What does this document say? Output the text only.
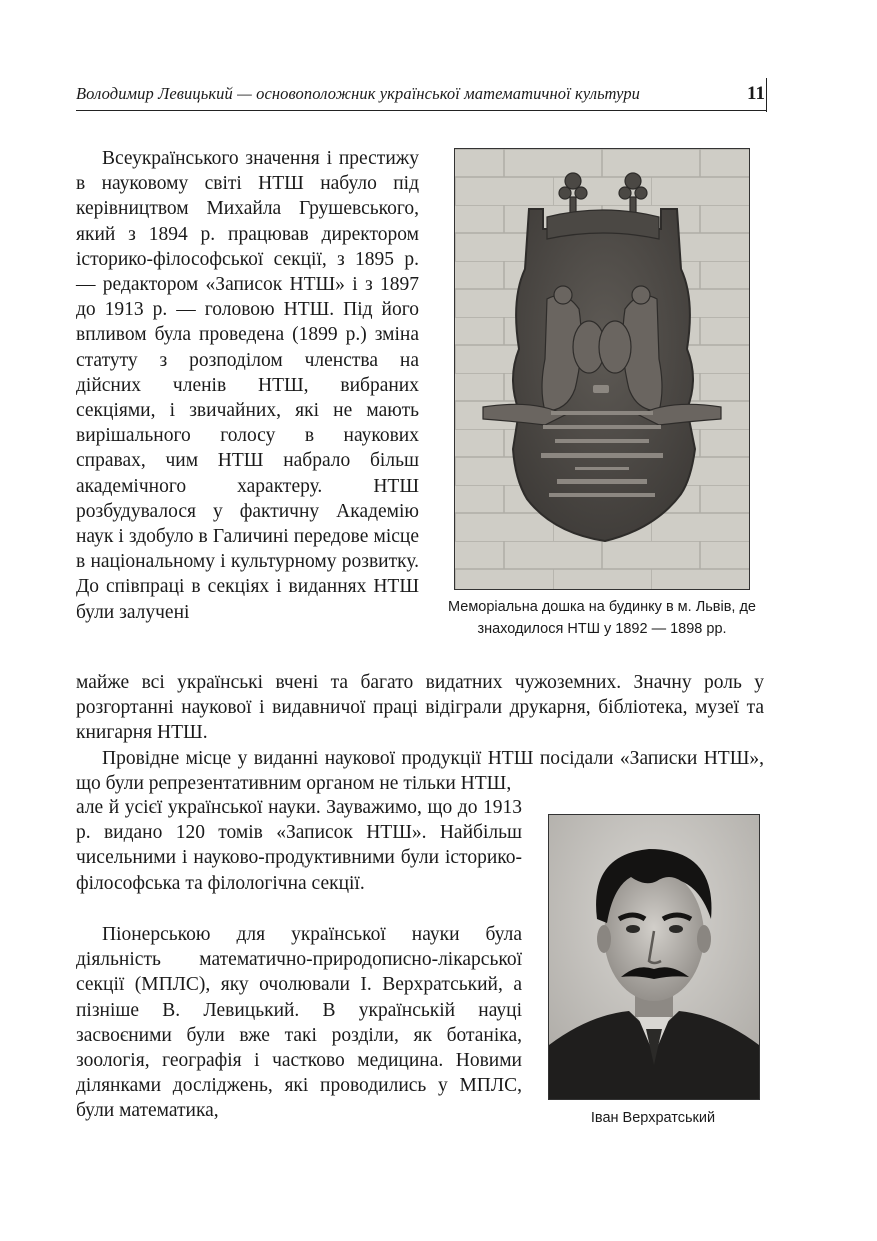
Володимир Левицький — основоположник української математичної культури	11
Всеукраїнського значення і престижу в науковому світі НТШ набуло під керівництвом Михайла Грушевського, який з 1894 р. працював директором історико-філософської секції, з 1895 р. — редактором «Записок НТШ» і з 1897 до 1913 р. — головою НТШ. Під його впливом була проведена (1899 р.) зміна статуту з розподілом членства на дійсних членів НТШ, вибраних секціями, і звичайних, які не мають вирішального голосу в наукових справах, чим НТШ набрало більш академічного характеру. НТШ розбудувалося у фактичну Академію наук і здобуло в Галичині передове місце в національному і культурному розвитку. До співпраці в секціях і виданнях НТШ були залучені	Меморіальна дошка на будинку в м. Львів, де знаходилося НТШ у 1892 — 1898 рр.
майже всі українські вчені та багато видатних чужоземних. Значну роль у розгортанні наукової і видавничої праці відіграли друкарня, бібліотека, музеї та книгарня НТШ.
Провідне місце у виданні наукової продукції НТШ посідали «Записки НТШ», що були репрезентативним органом не тільки НТШ,
але й усієї української науки. Зауважимо, що до 1913 р. видано 120 томів «Записок НТШ». Найбільш чисельними і науково-продуктивними були історико-філософська та філологічна секції.
Піонерською для української науки була діяльність математично-природописно-лікарської секції (МПЛС), яку очолювали І. Верхратський, а пізніше В. Левицький. В українській науці засвоєними були вже такі розділи, як ботаніка, зоологія, географія і частково медицина. Новими ділянками досліджень, які проводились у МПЛС, були математика,	Іван Верхратський
